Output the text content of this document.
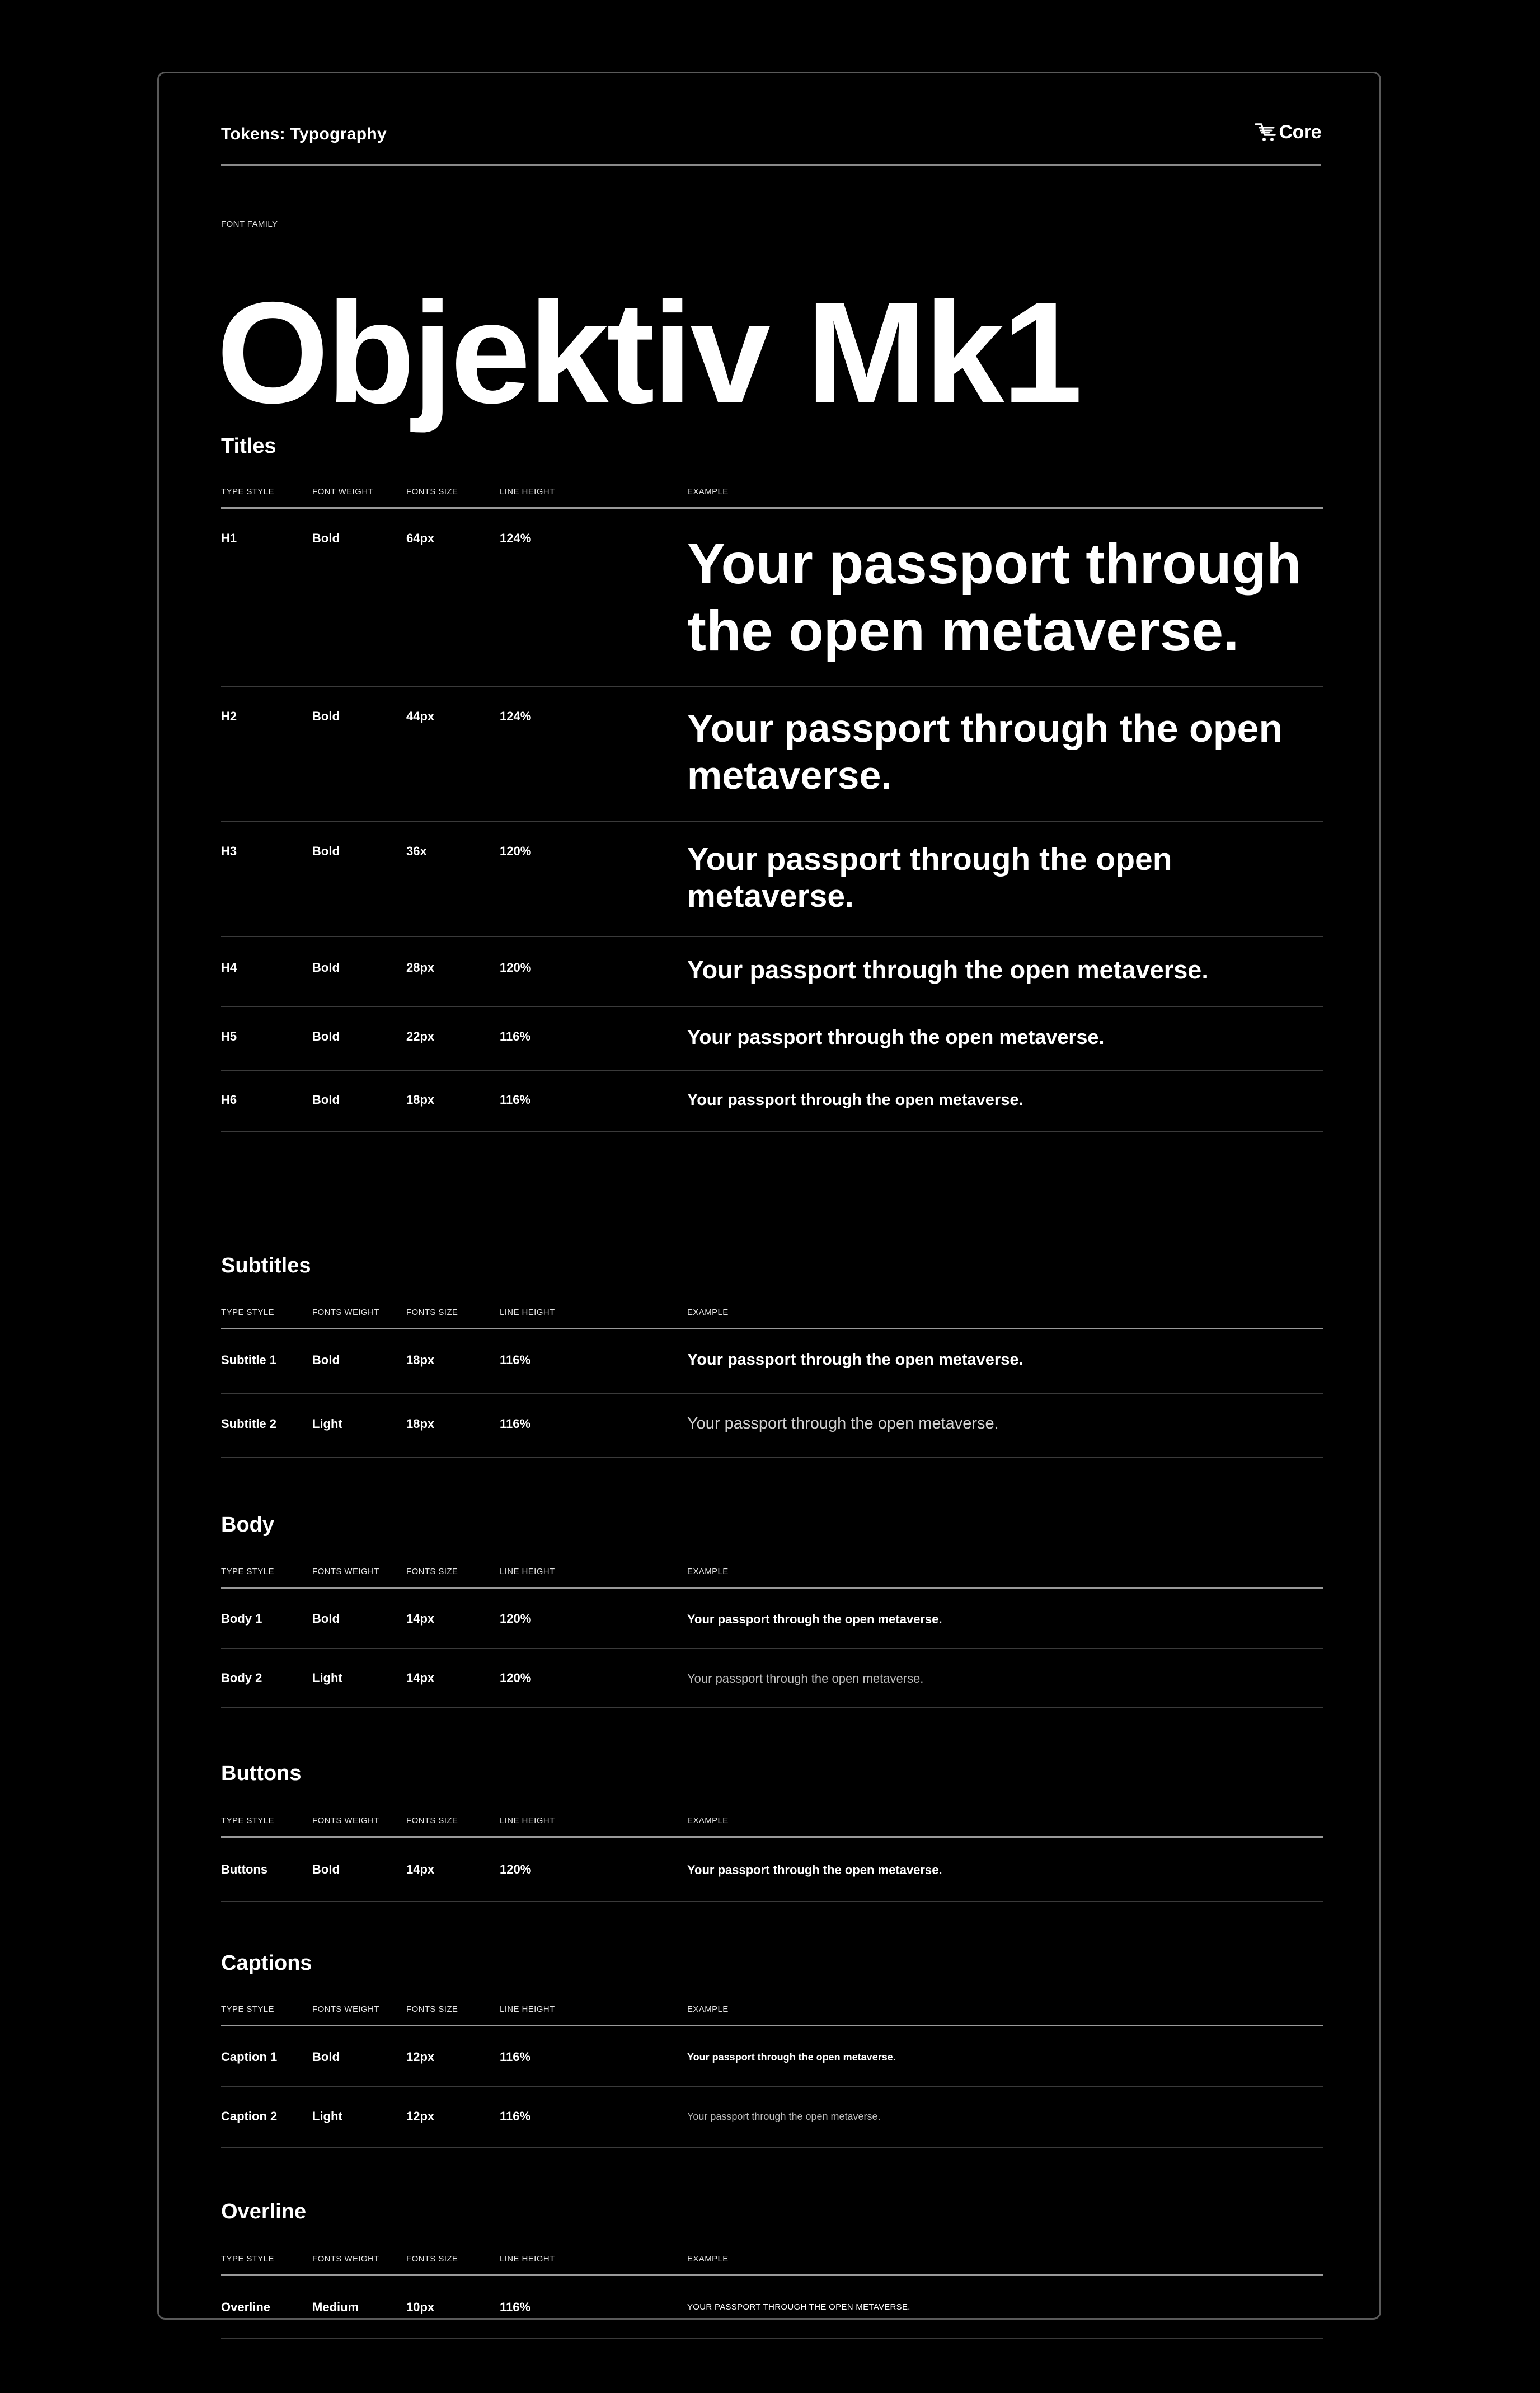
Tokens: Typography	Core
FONT FAMILY
Objektiv Mk1
Titles
TYPE STYLE	FONT WEIGHT	FONTS SIZE	LINE HEIGHT	EXAMPLE
H1	Bold	64px	124%	Your passport through the open metaverse.
H2	Bold	44px	124%	Your passport through the open metaverse.
H3	Bold	36x	120%	Your passport through the open metaverse.
H4	Bold	28px	120%	Your passport through the open metaverse.
H5	Bold	22px	116%	Your passport through the open metaverse.
H6	Bold	18px	116%	Your passport through the open metaverse.
Subtitles
TYPE STYLE	FONTS WEIGHT	FONTS SIZE	LINE HEIGHT	EXAMPLE
Subtitle 1	Bold	18px	116%	Your passport through the open metaverse.
Subtitle 2	Light	18px	116%	Your passport through the open metaverse.
Body
TYPE STYLE	FONTS WEIGHT	FONTS SIZE	LINE HEIGHT	EXAMPLE
Body 1	Bold	14px	120%	Your passport through the open metaverse.
Body 2	Light	14px	120%	Your passport through the open metaverse.
Buttons
TYPE STYLE	FONTS WEIGHT	FONTS SIZE	LINE HEIGHT	EXAMPLE
Buttons	Bold	14px	120%	Your passport through the open metaverse.
Captions
TYPE STYLE	FONTS WEIGHT	FONTS SIZE	LINE HEIGHT	EXAMPLE
Caption 1	Bold	12px	116%	Your passport through the open metaverse.
Caption 2	Light	12px	116%	Your passport through the open metaverse.
Overline
TYPE STYLE	FONTS WEIGHT	FONTS SIZE	LINE HEIGHT	EXAMPLE
Overline	Medium	10px	116%	YOUR PASSPORT THROUGH THE OPEN METAVERSE.
